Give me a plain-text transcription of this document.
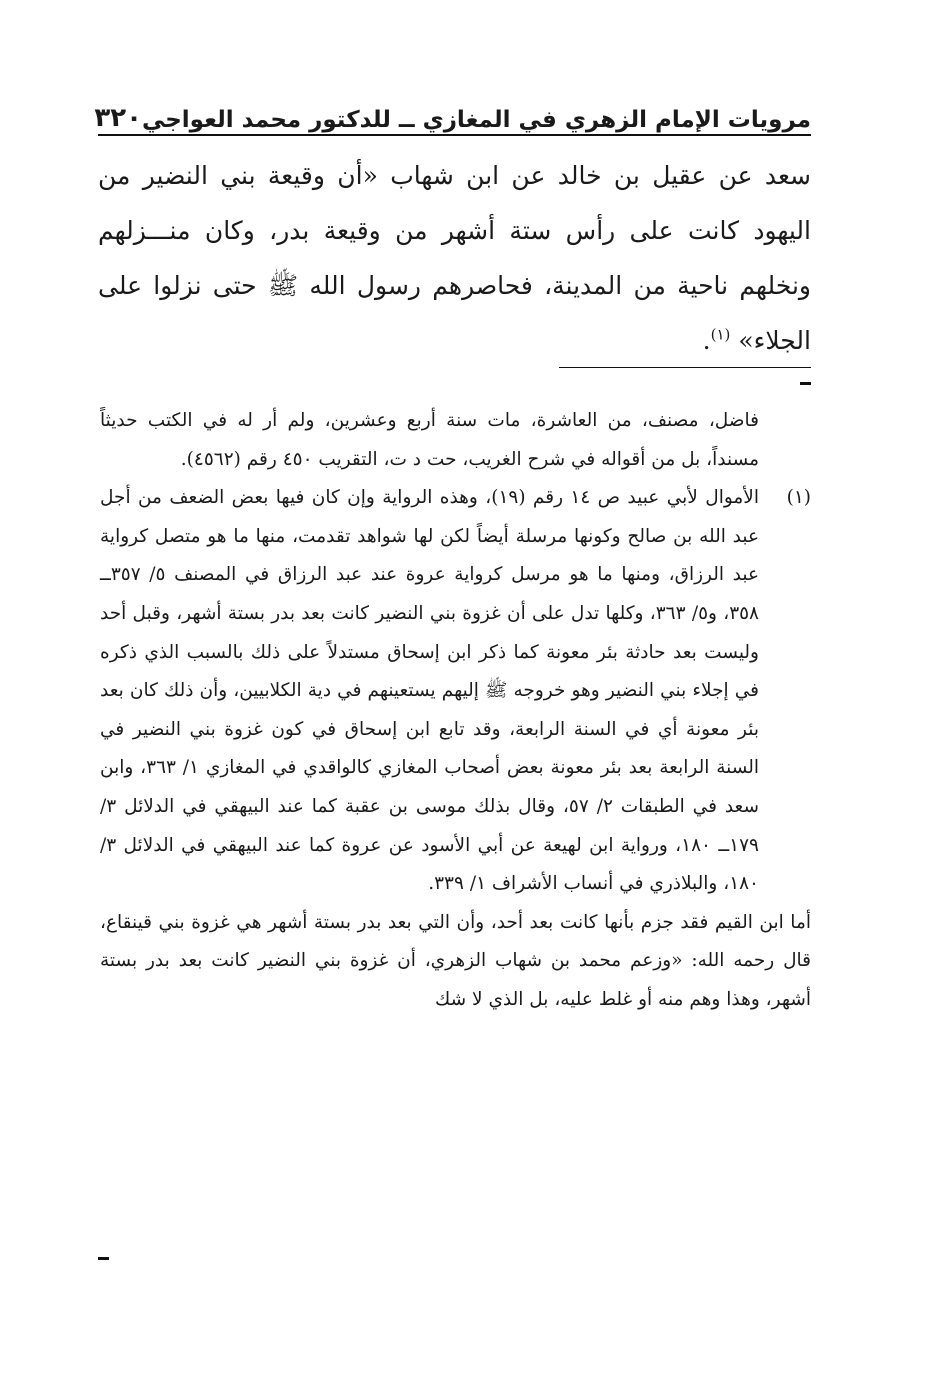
مرويات الإمام الزهري في المغازي ــ للدكتور محمد العواجي
٣٢٠

سعد عن عقيل بن خالد عن ابن شهاب «أن وقيعة بني النضير من اليهود كانت على رأس ستة أشهر من وقيعة بدر، وكان منـــزلهم ونخلهم ناحية من المدينة، فحاصرهم رسول الله ﷺ حتى نزلوا على الجلاء» $^{(١)}$.

فاضل، مصنف، من العاشرة، مات سنة أربع وعشرين، ولم أر له في الكتب حديثاً مسنداً، بل من أقواله في شرح الغريب، حت د ت، التقريب ٤٥٠ رقم (٤٥٦٢).

(١)

الأموال لأبي عبيد ص ١٤ رقم (١٩)، وهذه الرواية وإن كان فيها بعض الضعف من أجل عبد الله بن صالح وكونها مرسلة أيضاً لكن لها شواهد تقدمت، منها ما هو متصل كرواية عبد الرزاق، ومنها ما هو مرسل كرواية عروة عند عبد الرزاق في المصنف ٥/ ٣٥٧ــ ٣٥٨، و٥/ ٣٦٣، وكلها تدل على أن غزوة بني النضير كانت بعد بدر بستة أشهر، وقبل أحد وليست بعد حادثة بئر معونة كما ذكر ابن إسحاق مستدلاً على ذلك بالسبب الذي ذكره في إجلاء بني النضير وهو خروجه ﷺ إليهم يستعينهم في دية الكلابيين، وأن ذلك كان بعد بئر معونة أي في السنة الرابعة، وقد تابع ابن إسحاق في كون غزوة بني النضير في السنة الرابعة بعد بئر معونة بعض أصحاب المغازي كالواقدي في المغازي ١/ ٣٦٣، وابن سعد في الطبقات ٢/ ٥٧، وقال بذلك موسى بن عقبة كما عند البيهقي في الدلائل ٣/ ١٧٩ــ ١٨٠، ورواية ابن لهيعة عن أبي الأسود عن عروة كما عند البيهقي في الدلائل ٣/ ١٨٠، والبلاذري في أنساب الأشراف ١/ ٣٣٩.

أما ابن القيم فقد جزم بأنها كانت بعد أحد، وأن التي بعد بدر بستة أشهر هي غزوة بني قينقاع، قال رحمه الله: «وزعم محمد بن شهاب الزهري، أن غزوة بني النضير كانت بعد بدر بستة أشهر، وهذا وهم منه أو غلط عليه، بل الذي لا شك
